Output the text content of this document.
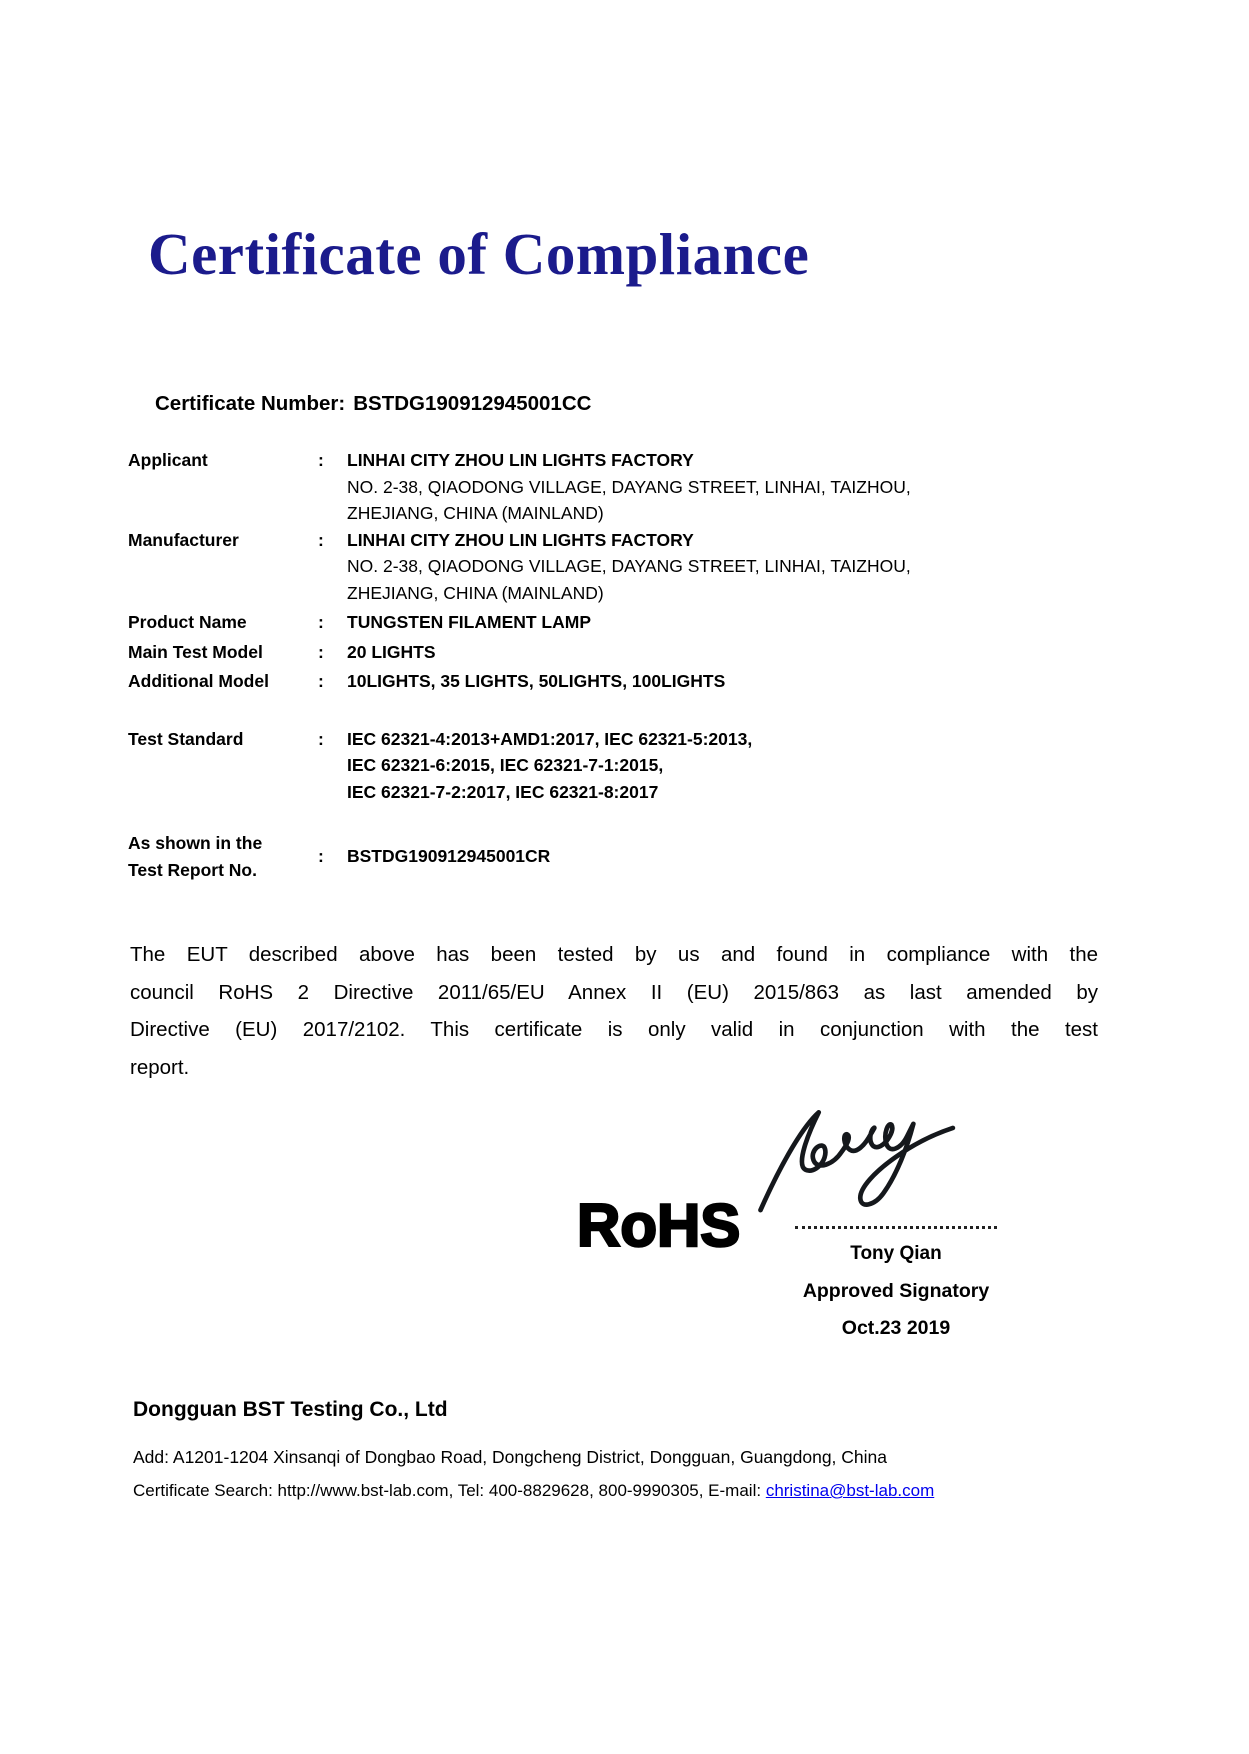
Certificate of Compliance
Certificate Number: BSTDG190912945001CC
Applicant	:	LINHAI CITY ZHOU LIN LIGHTS FACTORY
NO. 2-38, QIAODONG VILLAGE, DAYANG STREET, LINHAI, TAIZHOU,
ZHEJIANG, CHINA (MAINLAND)
Manufacturer	:	LINHAI CITY ZHOU LIN LIGHTS FACTORY
NO. 2-38, QIAODONG VILLAGE, DAYANG STREET, LINHAI, TAIZHOU,
ZHEJIANG, CHINA (MAINLAND)
Product Name	:	TUNGSTEN FILAMENT LAMP
Main Test Model	:	20 LIGHTS
Additional Model	:	10LIGHTS, 35 LIGHTS, 50LIGHTS, 100LIGHTS
Test Standard	:	IEC 62321-4:2013+AMD1:2017, IEC 62321-5:2013,
IEC 62321-6:2015, IEC 62321-7-1:2015,
IEC 62321-7-2:2017, IEC 62321-8:2017
As shown in the
Test Report No.
:	BSTDG190912945001CR
The EUT described above has been tested by us and found in compliance with the
council RoHS 2 Directive 2011/65/EU Annex II (EU) 2015/863 as last amended by
Directive (EU) 2017/2102. This certificate is only valid in conjunction with the test
report.
RoHS	Tony Qian
Approved Signatory
Oct.23 2019
Dongguan BST Testing Co., Ltd
Add: A1201-1204 Xinsanqi of Dongbao Road, Dongcheng District, Dongguan, Guangdong, China
Certificate Search: http://www.bst-lab.com, Tel: 400-8829628, 800-9990305, E-mail: christina@bst-lab.com
